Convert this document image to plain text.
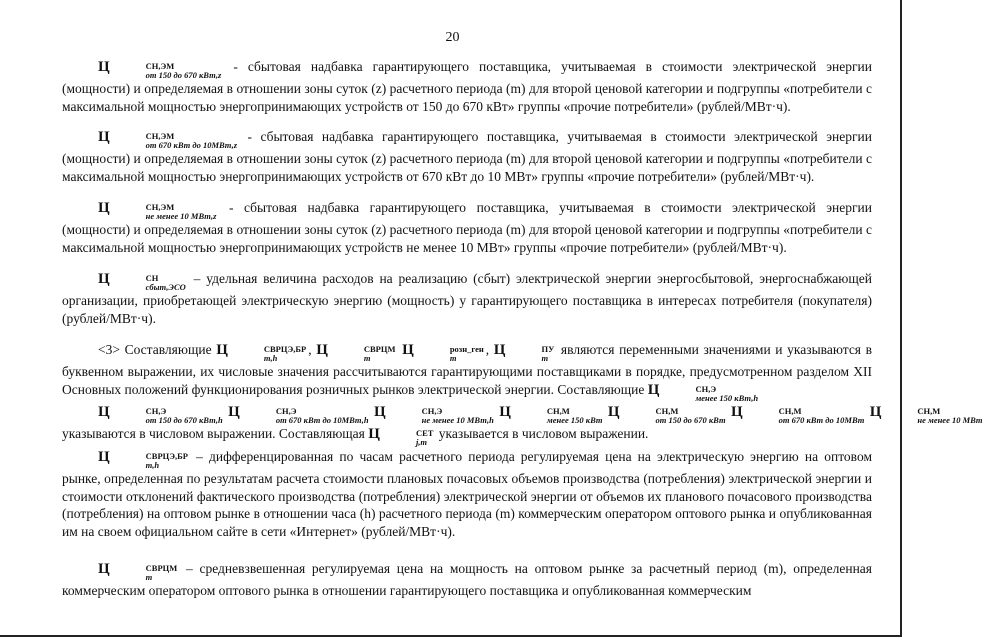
20
Ц	СН,ЭМ
от 150 до 670 кВт,z
- сбытовая надбавка гарантирующего поставщика, учитываемая в стоимости электрической энергии (мощности) и определяемая в отношении зоны суток (z) расчетного периода (m) для второй ценовой категории и подгруппы «потребители с максимальной мощностью энергопринимающих устройств от 150 до 670 кВт» группы «прочие потребители» (рублей/МВт·ч).
Ц	СН,ЭМ
от 670 кВт до 10МВт,z
- сбытовая надбавка гарантирующего поставщика, учитываемая в стоимости электрической энергии (мощности) и определяемая в отношении зоны суток (z) расчетного периода (m) для второй ценовой категории и подгруппы «потребители с максимальной мощностью энергопринимающих устройств от 670 кВт до 10 МВт» группы «прочие потребители» (рублей/МВт·ч).
Ц	СН,ЭМ
не менее 10 МВт,z
- сбытовая надбавка гарантирующего поставщика, учитываемая в стоимости электрической энергии (мощности) и определяемая в отношении зоны суток (z) расчетного периода (m) для второй ценовой категории и подгруппы «потребители с максимальной мощностью энергопринимающих устройств не менее 10 МВт» группы «прочие потребители» (рублей/МВт·ч).
Ц	СН
сбыт,ЭСО
– удельная величина расходов на реализацию (сбыт) электрической энергии энергосбытовой, энергоснабжающей организации, приобретающей электрическую энергию (мощность) у гарантирующего поставщика в интересах потребителя (покупателя) (рублей/МВт·ч).
<3> Составляющие Ц	СВРЦЭ,БР
m,h
, Ц	СВРЦМ
m	Ц	розн_ген
m
, Ц	ПУ
m
являются переменными значениями и указываются в буквенном выражении, их числовые значения рассчитываются гарантирующими поставщиками в порядке, предусмотренном разделом XII Основных положений функционирования розничных рынков электрической энергии. Составляющие Ц	СН,Э
менее 150 кВт,h
Ц	СН,Э
от 150 до 670 кВт,h Ц	СН,Э
от 670 кВт до 10МВт,h Ц	СН,Э
не менее 10 МВт,h Ц	СН,М
менее 150 кВт Ц	СН,М
от 150 до 670 кВт Ц	СН,М
от 670 кВт до 10МВт Ц	СН,М
не менее 10 МВт
указываются в числовом выражении. Составляющая Ц	СЕТ
j,m
указывается в числовом выражении.
Ц	СВРЦЭ,БР
m,h
– дифференцированная по часам расчетного периода регулируемая цена на электрическую энергию на оптовом рынке, определенная по результатам расчета стоимости плановых почасовых объемов производства (потребления) электрической энергии и стоимости отклонений фактического производства (потребления) электрической энергии от объемов их планового почасового производства (потребления) на оптовом рынке в отношении часа (h) расчетного периода (m) коммерческим оператором оптового рынка и опубликованная им на своем официальном сайте в сети «Интернет» (рублей/МВт·ч).
Ц	СВРЦМ
m
– средневзвешенная регулируемая цена на мощность на оптовом рынке за расчетный период (m), определенная коммерческим оператором оптового рынка в отношении гарантирующего поставщика и опубликованная коммерческим
